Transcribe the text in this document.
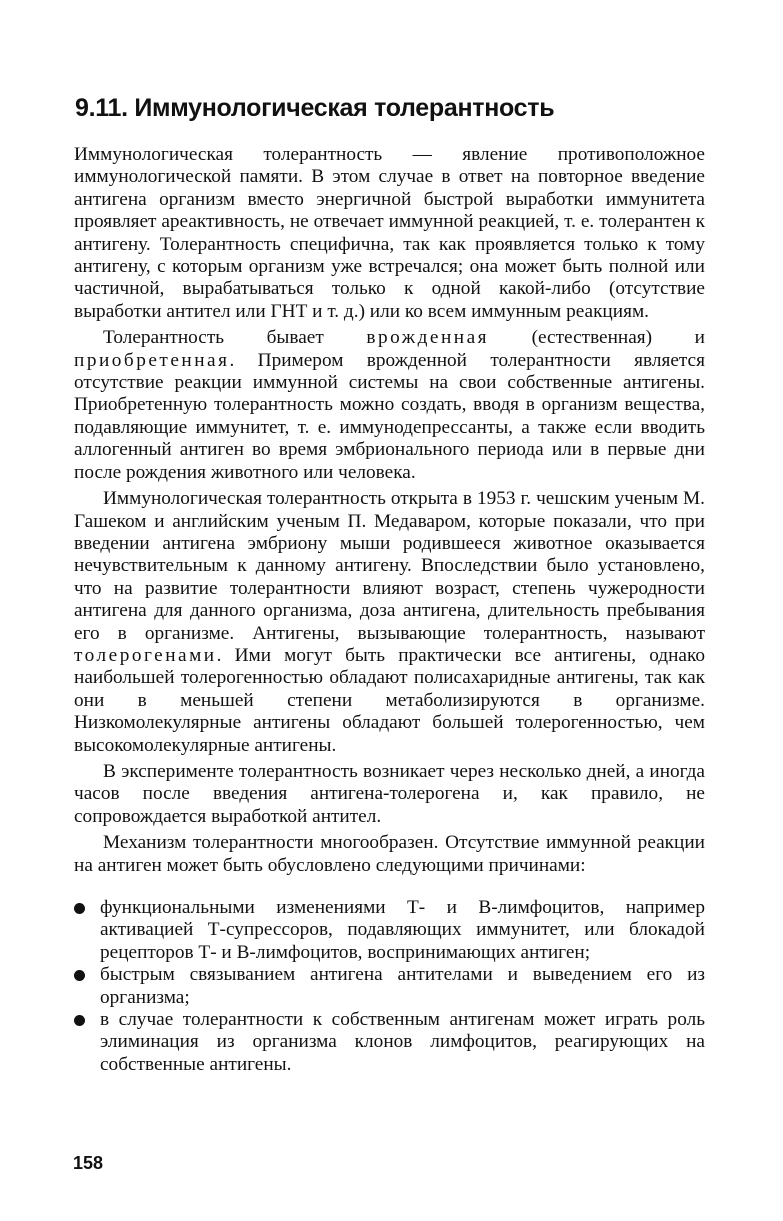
9.11. Иммунологическая толерантность

Иммунологическая толерантность — явление противоположное иммунологической памяти. В этом случае в ответ на повторное введение антигена организм вместо энергичной быстрой выработки иммунитета проявляет ареактивность, не отвечает иммунной реакцией, т. е. толерантен к антигену. Толерантность специфична, так как проявляется только к тому антигену, с которым организм уже встречался; она может быть полной или частичной, вырабатываться только к одной какой-либо (отсутствие выработки антител или ГНТ и т. д.) или ко всем иммунным реакциям.

Толерантность бывает врожденная (естественная) и приобретенная. Примером врожденной толерантности является отсутствие реакции иммунной системы на свои собственные антигены. Приобретенную толерантность можно создать, вводя в организм вещества, подавляющие иммунитет, т. е. иммунодепрессанты, а также если вводить аллогенный антиген во время эмбрионального периода или в первые дни после рождения животного или человека.

Иммунологическая толерантность открыта в 1953 г. чешским ученым М. Гашеком и английским ученым П. Медаваром, которые показали, что при введении антигена эмбриону мыши родившееся животное оказывается нечувствительным к данному антигену. Впоследствии было установлено, что на развитие толерантности влияют возраст, степень чужеродности антигена для данного организма, доза антигена, длительность пребывания его в организме. Антигены, вызывающие толерантность, называют толерогенами. Ими могут быть практически все антигены, однако наибольшей толерогенностью обладают полисахаридные антигены, так как они в меньшей степени метаболизируются в организме. Низкомолекулярные антигены обладают большей толерогенностью, чем высокомолекулярные антигены.

В эксперименте толерантность возникает через несколько дней, а иногда часов после введения антигена-толерогена и, как правило, не сопровождается выработкой антител.

Механизм толерантности многообразен. Отсутствие иммунной реакции на антиген может быть обусловлено следующими причинами:

функциональными изменениями Т- и В-лимфоцитов, например активацией Т-супрессоров, подавляющих иммунитет, или блокадой рецепторов Т- и В-лимфоцитов, воспринимающих антиген;
быстрым связыванием антигена антителами и выведением его из организма;
в случае толерантности к собственным антигенам может играть роль элиминация из организма клонов лимфоцитов, реагирующих на собственные антигены.
158
